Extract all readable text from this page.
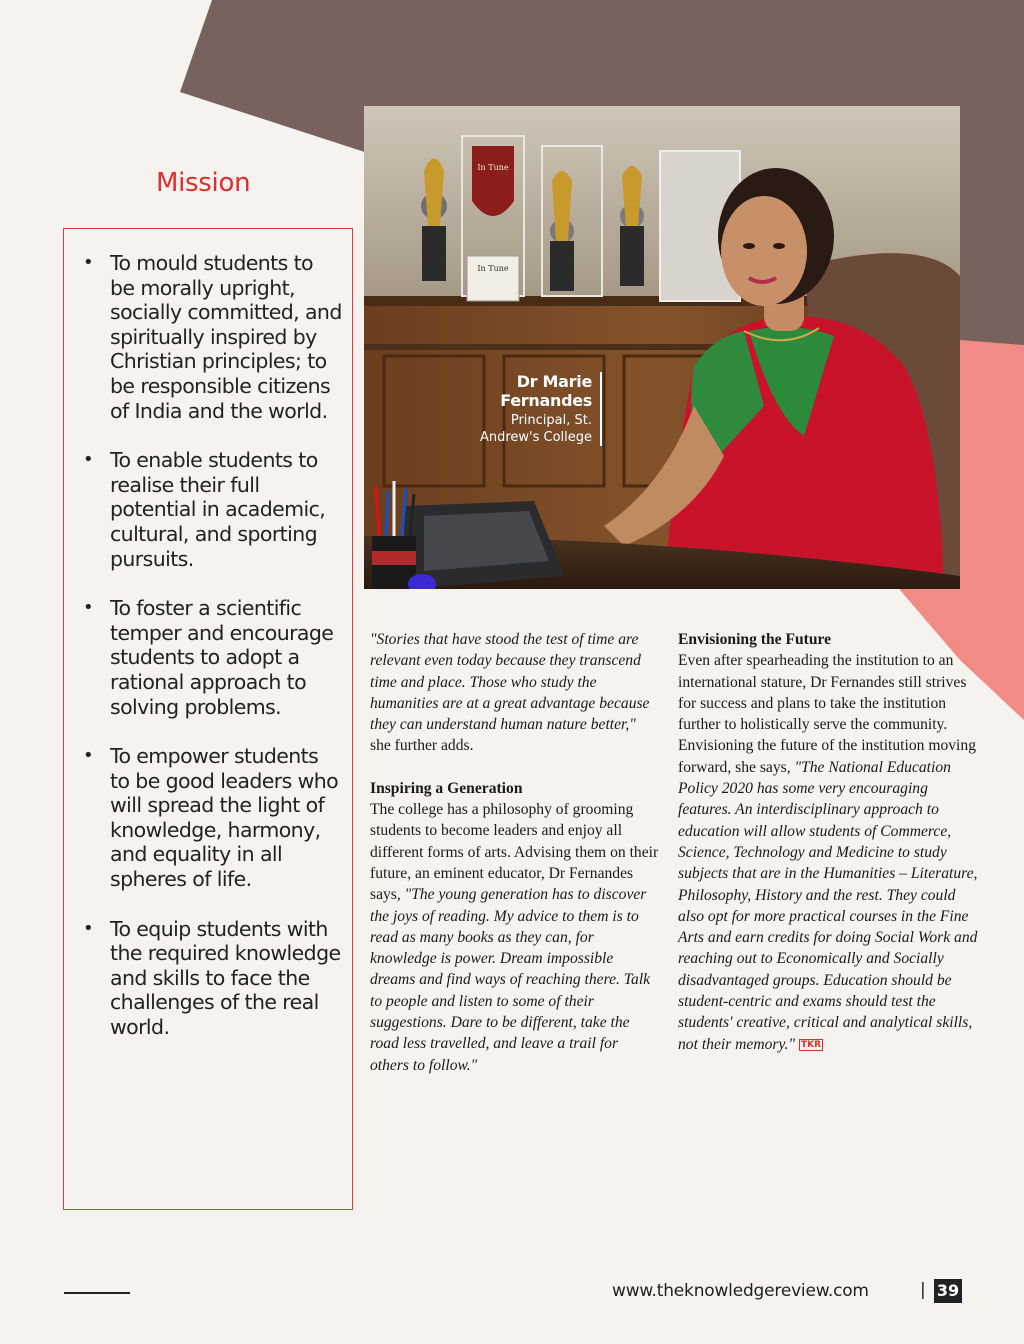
Mission
• To mould students to be morally upright, socially committed, and spiritually inspired by Christian principles; to be responsible citizens of India and the world.
• To enable students to realise their full potential in academic, cultural, and sporting pursuits.
• To foster a scientific temper and encourage students to adopt a rational approach to solving problems.
• To empower students to be good leaders who will spread the light of knowledge, harmony, and equality in all spheres of life.
• To equip students with the required knowledge and skills to face the challenges of the real world.
In Tune
In Tune
Dr Marie Fernandes
Principal, St. Andrew's College

"Stories that have stood the test of time are relevant even today because they transcend time and place. Those who study the humanities are at a great advantage because they can understand human nature better," she further adds.

Inspiring a Generation

The college has a philosophy of grooming students to become leaders and enjoy all different forms of arts. Advising them on their future, an eminent educator, Dr Fernandes says, "The young generation has to discover the joys of reading. My advice to them is to read as many books as they can, for knowledge is power. Dream impossible dreams and find ways of reaching there. Talk to people and listen to some of their suggestions. Dare to be different, take the road less travelled, and leave a trail for others to follow."

Envisioning the Future

Even after spearheading the institution to an international stature, Dr Fernandes still strives for success and plans to take the institution further to holistically serve the community. Envisioning the future of the institution moving forward, she says, "The National Education Policy 2020 has some very encouraging features. An interdisciplinary approach to education will allow students of Commerce, Science, Technology and Medicine to study subjects that are in the Humanities – Literature, Philosophy, History and the rest. They could also opt for more practical courses in the Fine Arts and earn credits for doing Social Work and reaching out to Economically and Socially disadvantaged groups. Education should be student-centric and exams should test the students' creative, critical and analytical skills, not their memory." TKR

www.theknowledgereview.com	| 39
